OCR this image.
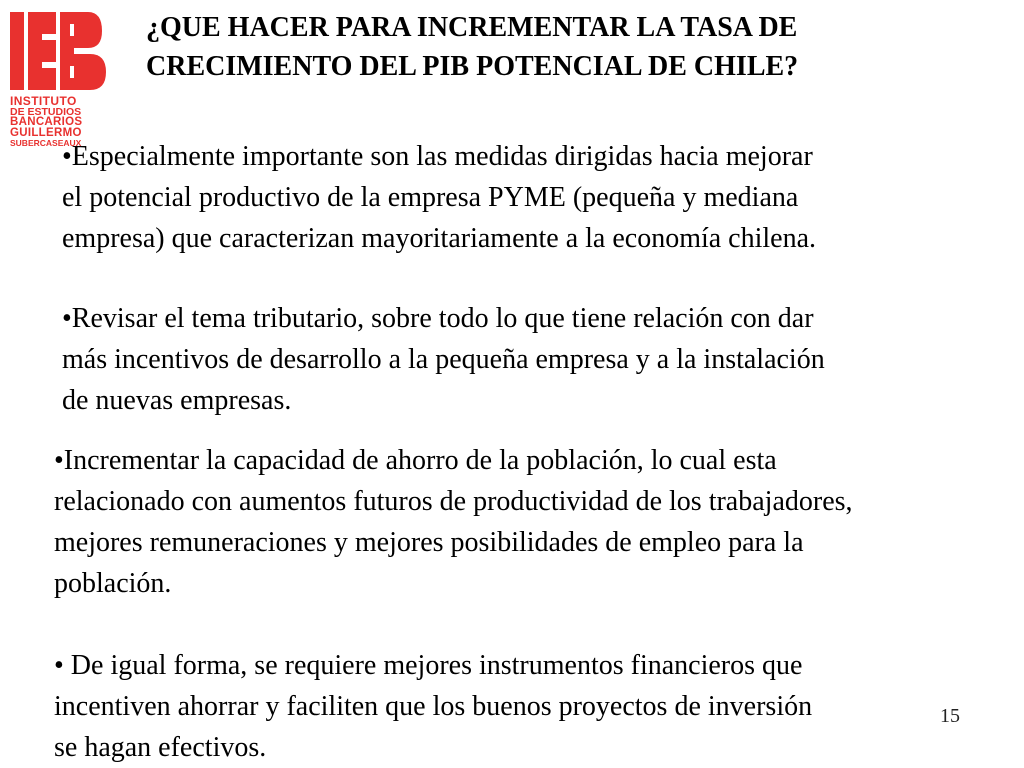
INSTITUTO
DE ESTUDIOS
BANCARIOS
GUILLERMO
SUBERCASEAUX
¿QUE HACER PARA INCREMENTAR LA TASA DE
CRECIMIENTO DEL PIB POTENCIAL DE CHILE?

•Especialmente importante son las medidas dirigidas hacia mejorar
el potencial productivo de la empresa PYME (pequeña y mediana
empresa) que caracterizan mayoritariamente a la economía chilena.

•Revisar el tema tributario, sobre todo lo que tiene relación con dar
más incentivos de desarrollo a la pequeña empresa y a la instalación
de nuevas empresas.

•Incrementar la capacidad de ahorro de la población, lo cual esta
relacionado con aumentos futuros de productividad de los trabajadores,
mejores remuneraciones y mejores posibilidades de empleo para la
población.

• De igual forma, se requiere mejores instrumentos financieros que
incentiven ahorrar y faciliten que los buenos proyectos de inversión
se hagan efectivos.

15
